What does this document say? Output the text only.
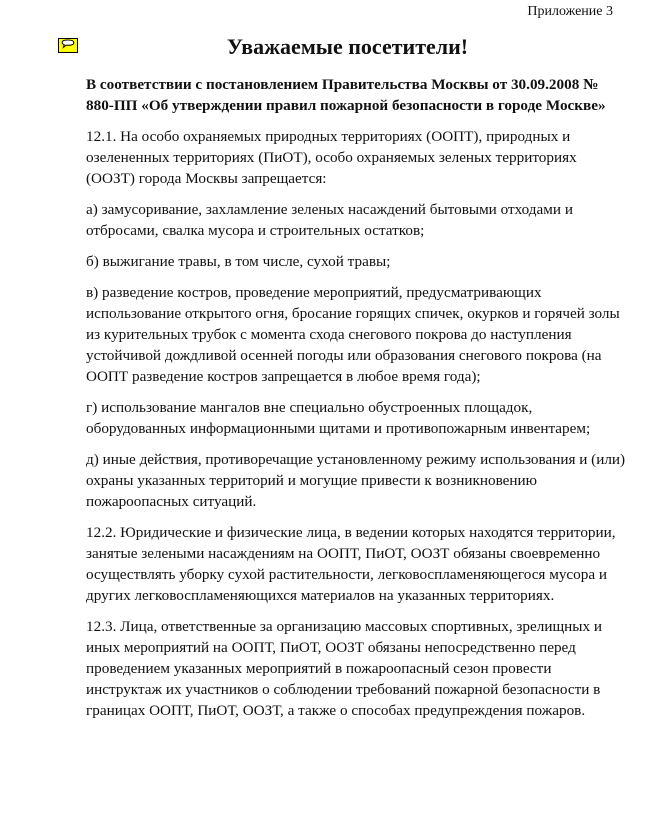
Приложение 3
Уважаемые посетители!

В соответствии с постановлением Правительства Москвы от 30.09.2008 № 880-ПП «Об утверждении правил пожарной безопасности в городе Москве»

12.1. На особо охраняемых природных территориях (ООПТ), природных и озелененных территориях (ПиОТ), особо охраняемых зеленых территориях (ООЗТ) города Москвы запрещается:

а) замусоривание, захламление зеленых насаждений бытовыми отходами и отбросами, свалка мусора и строительных остатков;

б) выжигание травы, в том числе, сухой травы;

в) разведение костров, проведение мероприятий, предусматривающих использование открытого огня, бросание горящих спичек, окурков и горячей золы из курительных трубок с момента схода снегового покрова до наступления устойчивой дождливой осенней погоды или образования снегового покрова (на ООПТ разведение костров запрещается в любое время года);

г) использование мангалов вне специально обустроенных площадок, оборудованных информационными щитами и противопожарным инвентарем;

д) иные действия, противоречащие установленному режиму использования и (или) охраны указанных территорий и могущие привести к возникновению пожароопасных ситуаций.

12.2. Юридические и физические лица, в ведении которых находятся территории, занятые зелеными насаждениям на ООПТ, ПиОТ, ООЗТ обязаны своевременно осуществлять уборку сухой растительности, легковоспламеняющегося мусора и других легковоспламеняющихся материалов на указанных территориях.

12.3. Лица, ответственные за организацию массовых спортивных, зрелищных и иных мероприятий на ООПТ, ПиОТ, ООЗТ обязаны непосредственно перед проведением указанных мероприятий в пожароопасный сезон провести инструктаж их участников о соблюдении требований пожарной безопасности в границах ООПТ, ПиОТ, ООЗТ, а также о способах предупреждения пожаров.
